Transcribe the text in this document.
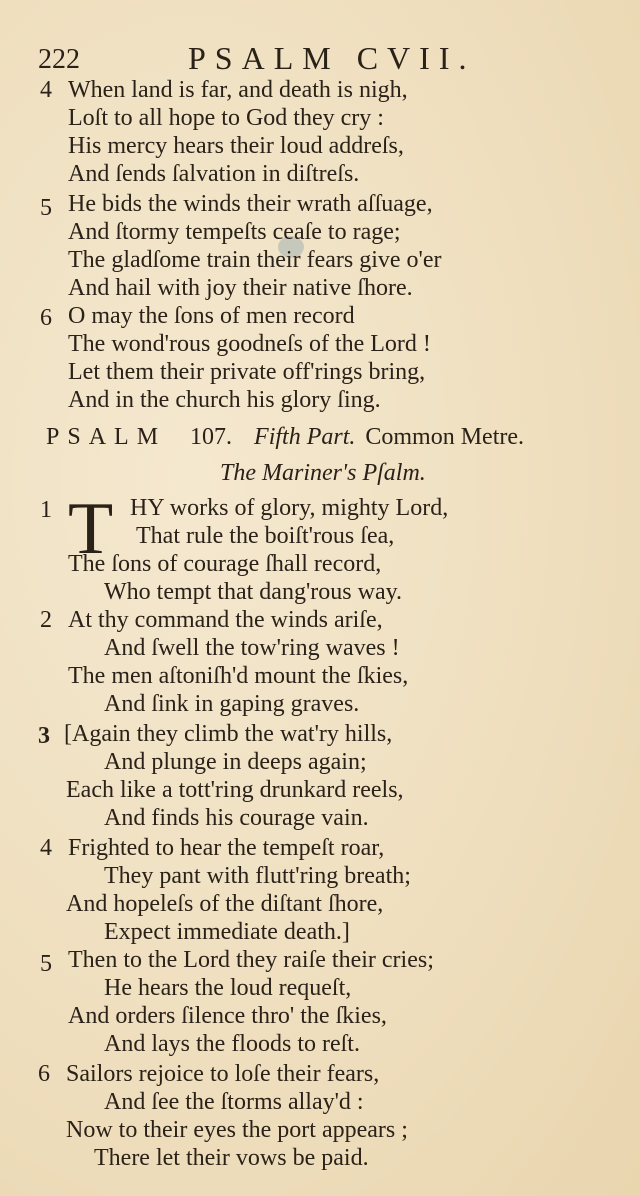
222	PSALM CVII.
4 When land is far, and death is nigh,
Loſt to all hope to God they cry :
His mercy hears their loud addreſs,
And ſends ſalvation in diſtreſs.
5 He bids the winds their wrath aſſuage,
And ſtormy tempeſts ceaſe to rage;
The gladſome train their fears give o'er
And hail with joy their native ſhore.
6 O may the ſons of men record
The wond'rous goodneſs of the Lord !
Let them their private off'rings bring,
And in the church his glory ſing.
PSALM 107. Fifth Part. Common Metre.
The Mariner's Pſalm.
1 T HY works of glory, mighty Lord,
That rule the boiſt'rous ſea,
The ſons of courage ſhall record,
Who tempt that dang'rous way.
2 At thy command the winds ariſe,
And ſwell the tow'ring waves !
The men aſtoniſh'd mount the ſkies,
And ſink in gaping graves.
3 [Again they climb the wat'ry hills,
And plunge in deeps again;
Each like a tott'ring drunkard reels,
And finds his courage vain.
4 Frighted to hear the tempeſt roar,
They pant with flutt'ring breath;
And hopeleſs of the diſtant ſhore,
Expect immediate death.]
5 Then to the Lord they raiſe their cries;
He hears the loud requeſt,
And orders ſilence thro' the ſkies,
And lays the floods to reſt.
6 Sailors rejoice to loſe their fears,
And ſee the ſtorms allay'd :
Now to their eyes the port appears ;
There let their vows be paid.
